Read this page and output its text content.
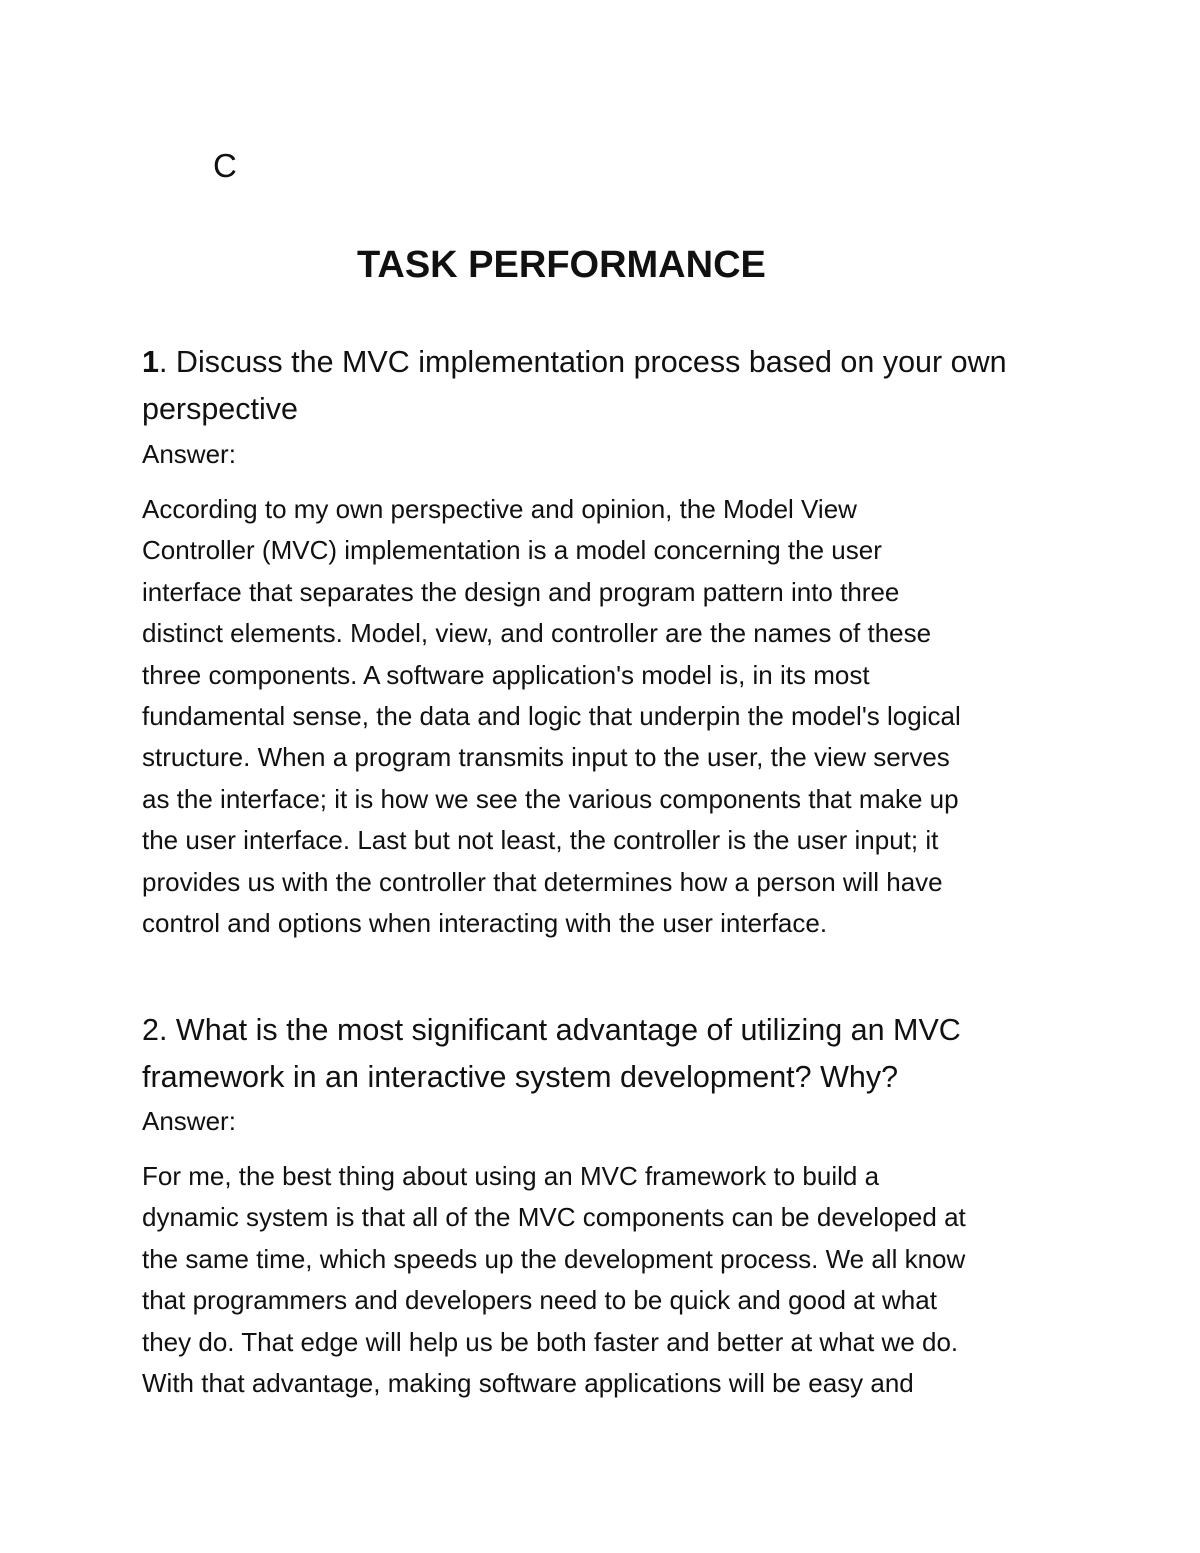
C
TASK PERFORMANCE

1. Discuss the MVC implementation process based on your own

perspective

Answer:

According to my own perspective and opinion, the Model View
Controller (MVC) implementation is a model concerning the user
interface that separates the design and program pattern into three
distinct elements. Model, view, and controller are the names of these
three components. A software application's model is, in its most
fundamental sense, the data and logic that underpin the model's logical
structure. When a program transmits input to the user, the view serves
as the interface; it is how we see the various components that make up
the user interface. Last but not least, the controller is the user input; it
provides us with the controller that determines how a person will have
control and options when interacting with the user interface.

2. What is the most significant advantage of utilizing an MVC

framework in an interactive system development? Why?

Answer:

For me, the best thing about using an MVC framework to build a
dynamic system is that all of the MVC components can be developed at
the same time, which speeds up the development process. We all know
that programmers and developers need to be quick and good at what
they do. That edge will help us be both faster and better at what we do.
With that advantage, making software applications will be easy and
